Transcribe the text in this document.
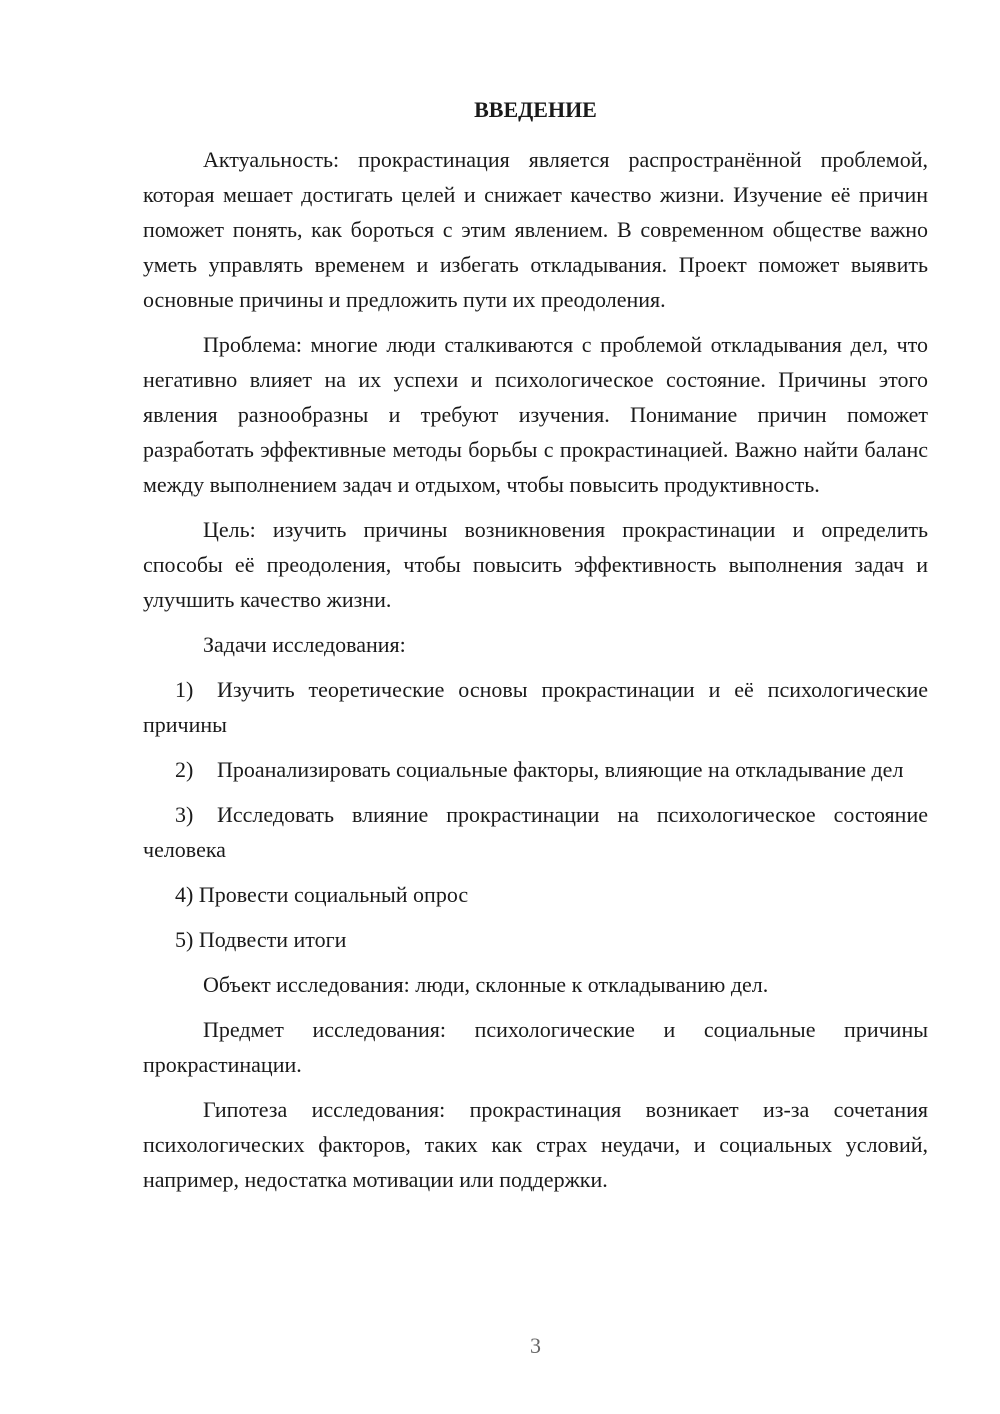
ВВЕДЕНИЕ

Актуальность: прокрастинация является распространённой проблемой, которая мешает достигать целей и снижает качество жизни. Изучение её причин поможет понять, как бороться с этим явлением. В современном обществе важно уметь управлять временем и избегать откладывания. Проект поможет выявить основные причины и предложить пути их преодоления.

Проблема: многие люди сталкиваются с проблемой откладывания дел, что негативно влияет на их успехи и психологическое состояние. Причины этого явления разнообразны и требуют изучения. Понимание причин поможет разработать эффективные методы борьбы с прокрастинацией. Важно найти баланс между выполнением задач и отдыхом, чтобы повысить продуктивность.

Цель: изучить причины возникновения прокрастинации и определить способы её преодоления, чтобы повысить эффективность выполнения задач и улучшить качество жизни.

Задачи исследования:

1) Изучить теоретические основы прокрастинации и её психологические причины

2) Проанализировать социальные факторы, влияющие на откладывание дел

3) Исследовать влияние прокрастинации на психологическое состояние человека

4) Провести социальный опрос

5) Подвести итоги

Объект исследования: люди, склонные к откладыванию дел.

Предмет исследования: психологические и социальные причины прокрастинации.

Гипотеза исследования: прокрастинация возникает из-за сочетания психологических факторов, таких как страх неудачи, и социальных условий, например, недостатка мотивации или поддержки.

3
